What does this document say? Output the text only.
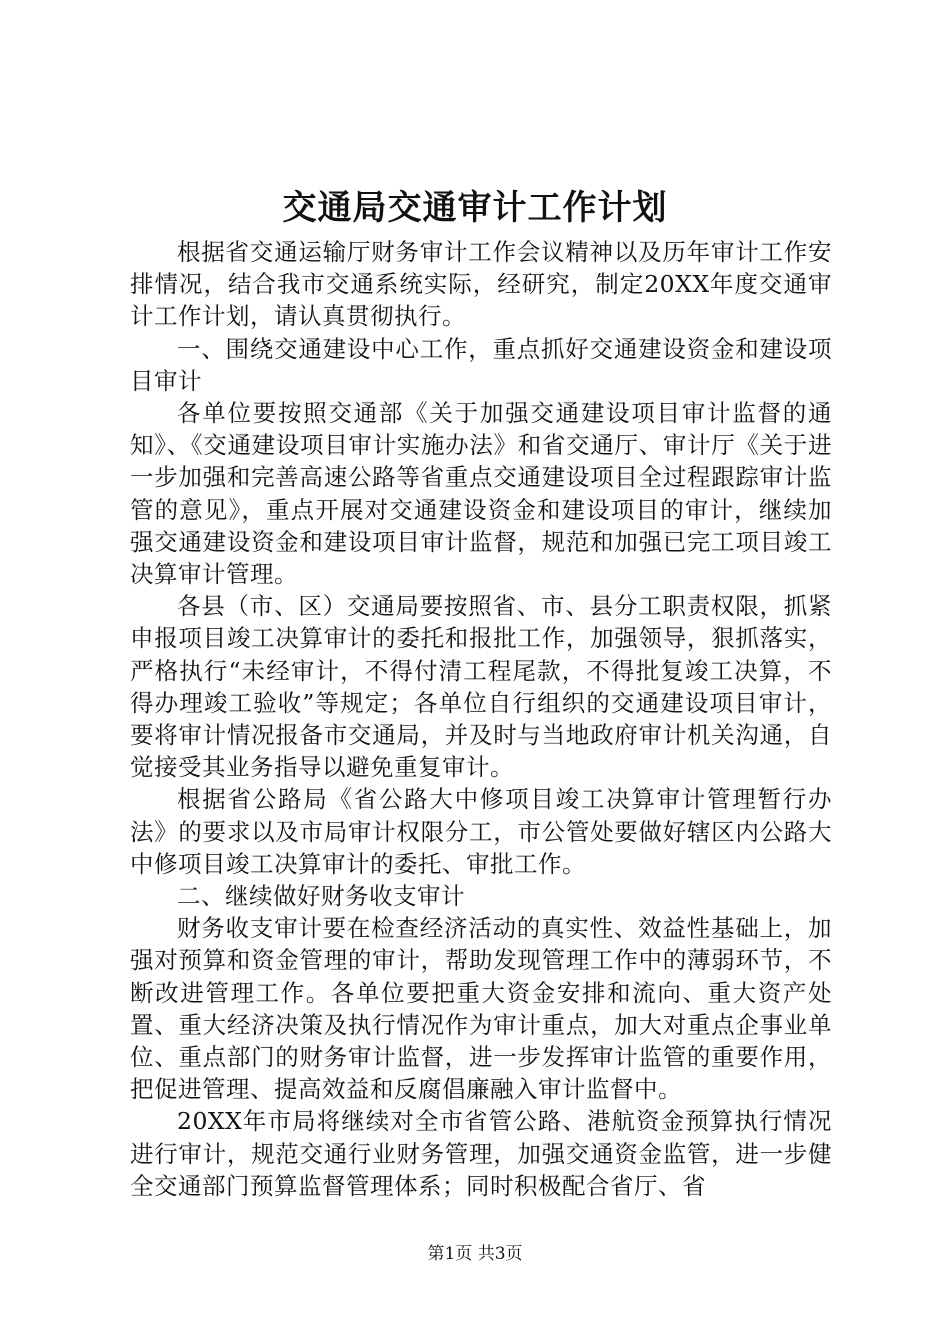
交通局交通审计工作计划

根据省交通运输厅财务审计工作会议精神以及历年审计工作安排情况，结合我市交通系统实际，经研究，制定20XX年度交通审计工作计划，请认真贯彻执行。

一、围绕交通建设中心工作，重点抓好交通建设资金和建设项目审计

各单位要按照交通部《关于加强交通建设项目审计监督的通知》、《交通建设项目审计实施办法》和省交通厅、审计厅《关于进一步加强和完善高速公路等省重点交通建设项目全过程跟踪审计监管的意见》，重点开展对交通建设资金和建设项目的审计，继续加强交通建设资金和建设项目审计监督，规范和加强已完工项目竣工决算审计管理。

各县（市、区）交通局要按照省、市、县分工职责权限，抓紧申报项目竣工决算审计的委托和报批工作，加强领导，狠抓落实，严格执行“未经审计，不得付清工程尾款，不得批复竣工决算，不得办理竣工验收”等规定；各单位自行组织的交通建设项目审计，要将审计情况报备市交通局，并及时与当地政府审计机关沟通，自觉接受其业务指导以避免重复审计。

根据省公路局《省公路大中修项目竣工决算审计管理暂行办法》的要求以及市局审计权限分工，市公管处要做好辖区内公路大中修项目竣工决算审计的委托、审批工作。

二、继续做好财务收支审计

财务收支审计要在检查经济活动的真实性、效益性基础上，加强对预算和资金管理的审计，帮助发现管理工作中的薄弱环节，不断改进管理工作。各单位要把重大资金安排和流向、重大资产处置、重大经济决策及执行情况作为审计重点，加大对重点企事业单位、重点部门的财务审计监督，进一步发挥审计监管的重要作用，把促进管理、提高效益和反腐倡廉融入审计监督中。

20XX年市局将继续对全市省管公路、港航资金预算执行情况进行审计，规范交通行业财务管理，加强交通资金监管，进一步健全交通部门预算监督管理体系；同时积极配合省厅、省

第1页 共3页
